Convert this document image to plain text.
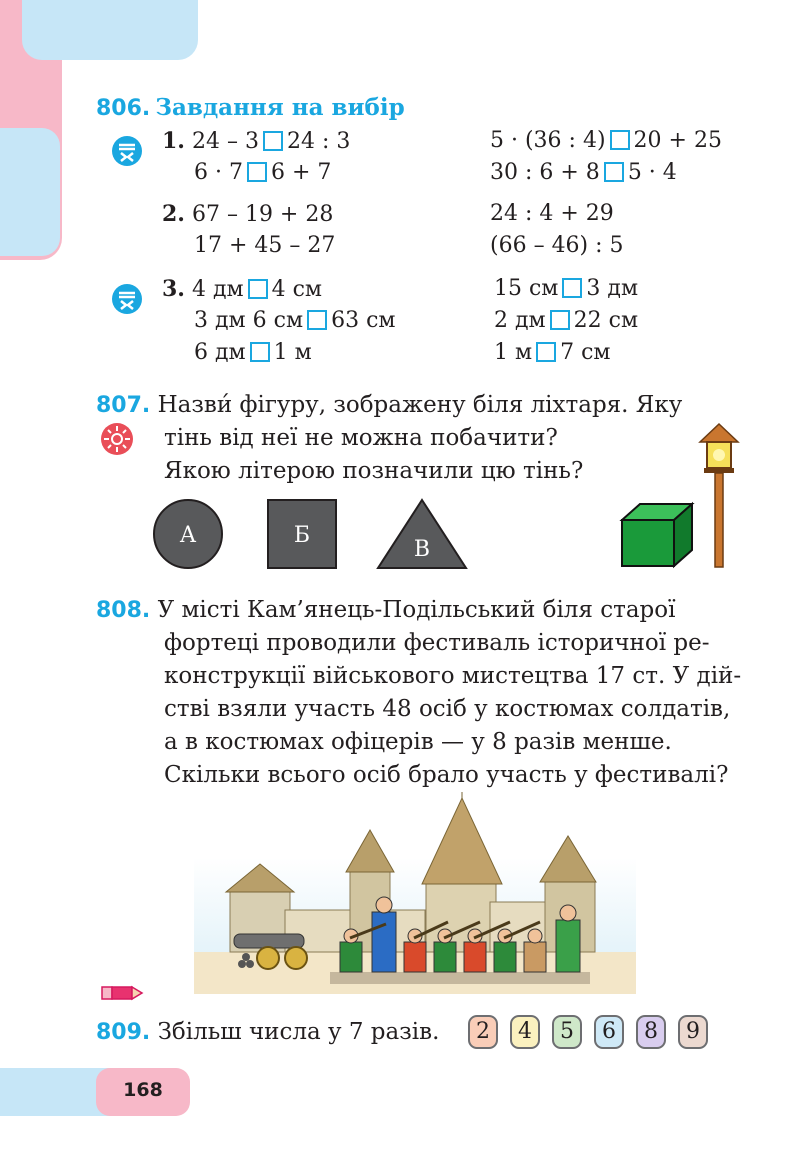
806. Завдання на вибір
1. 24 – 3 24 : 3	5 · (36 : 4) 20 + 25
6 · 7 6 + 7	30 : 6 + 8 5 · 4
2. 67 – 19 + 28	24 : 4 + 29
17 + 45 – 27	(66 – 46) : 5
3. 4 дм 4 см	15 см 3 дм
3 дм 6 см 63 см	2 дм 22 см
6 дм 1 м	1 м 7 см
807. Назви́ фігуру, зображену біля ліхтаря. Яку
тінь від неї не можна побачити?
Якою літерою позначили цю тінь?
А	Б
В
808. У місті Кам’янець-Подільський біля старої
фортеці проводили фестиваль історичної ре-
конструкції військового мистецтва 17 ст. У дій-
стві взяли участь 48 осіб у костюмах солдатів,
а в костюмах офіцерів — у 8 разів менше.
Скільки всього осіб брало участь у фестивалі?
809. Збільш числа у 7 разів.	2	4	5	6	8	9
168
